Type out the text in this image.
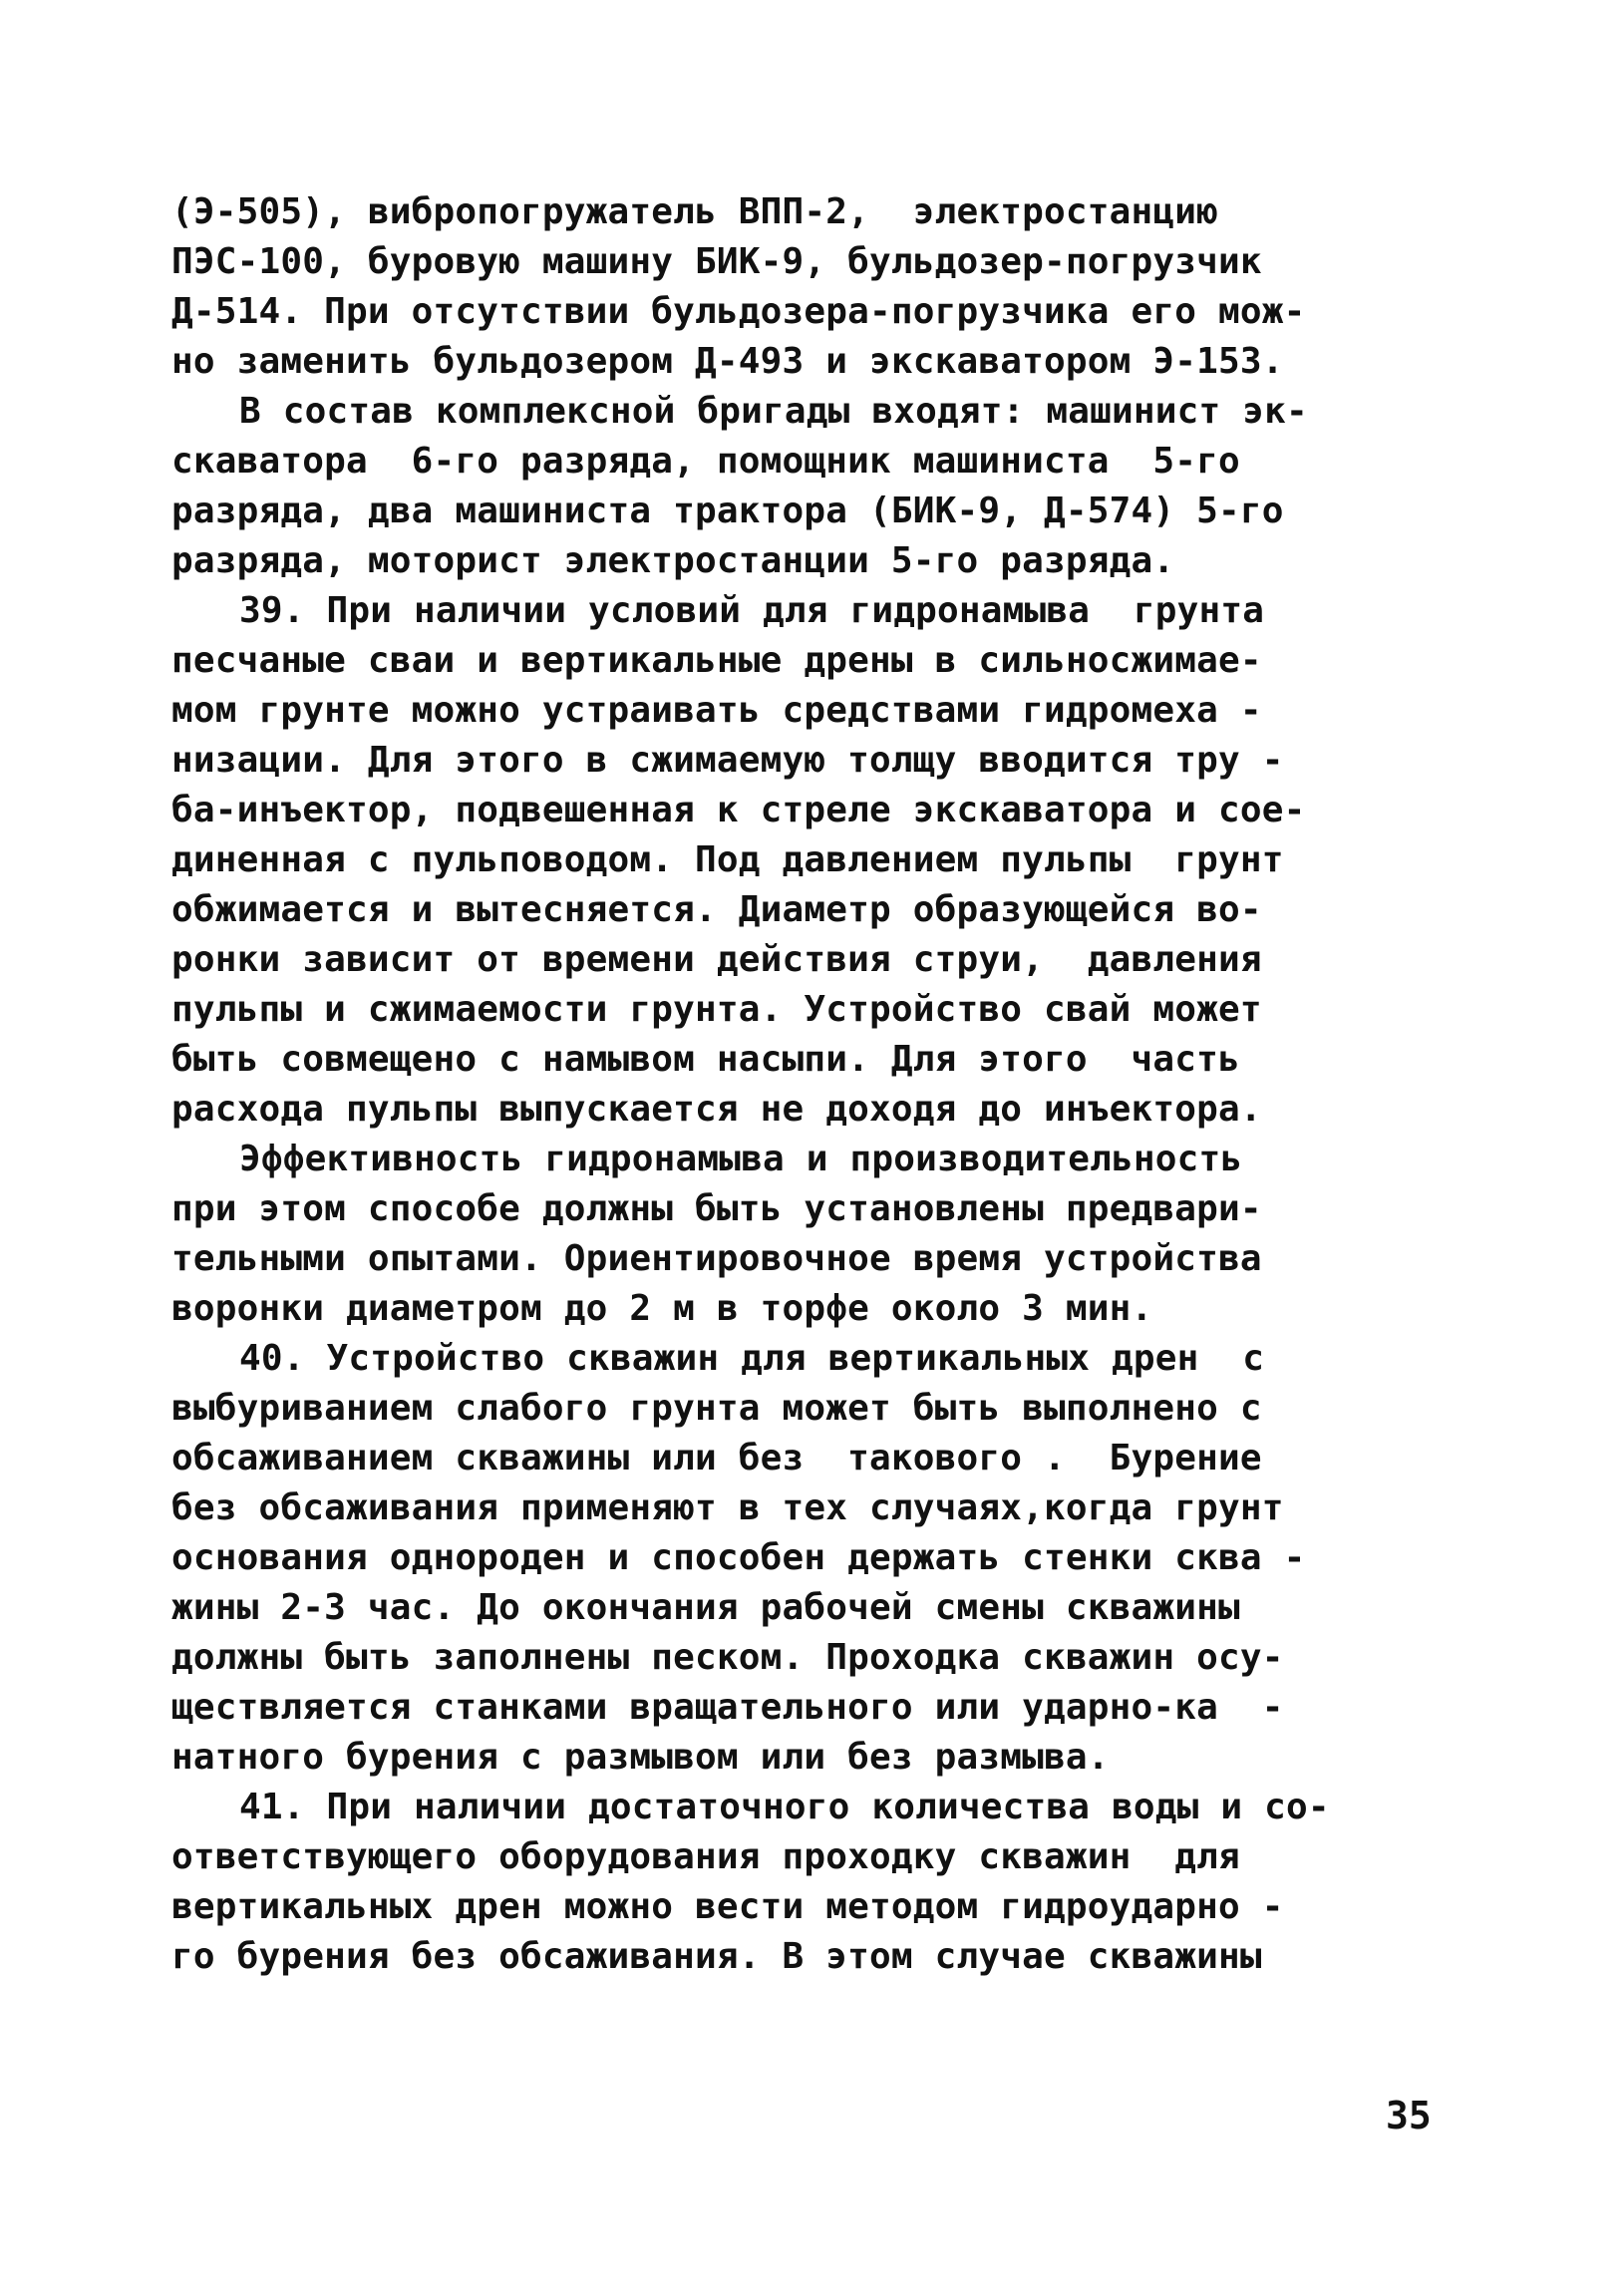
(Э-505), вибропогружатель ВПП-2,  электростанцию
ПЭС-100, буровую машину БИК-9, бульдозер-погрузчик
Д-514. При отсутствии бульдозера-погрузчика его мож-
но заменить бульдозером Д-493 и экскаватором Э-153.
В состав комплексной бригады входят: машинист эк-
скаватора  6-го разряда, помощник машиниста  5-го
разряда, два машиниста трактора (БИК-9, Д-574) 5-го
разряда, моторист электростанции 5-го разряда.
39. При наличии условий для гидронамыва  грунта
песчаные сваи и вертикальные дрены в сильносжимае-
мом грунте можно устраивать средствами гидромеха -
низации. Для этого в сжимаемую толщу вводится тру -
ба-инъектор, подвешенная к стреле экскаватора и сое-
диненная с пульповодом. Под давлением пульпы  грунт
обжимается и вытесняется. Диаметр образующейся во-
ронки зависит от времени действия струи,  давления
пульпы и сжимаемости грунта. Устройство свай может
быть совмещено с намывом насыпи. Для этого  часть
расхода пульпы выпускается не доходя до инъектора.
Эффективность гидронамыва и производительность
при этом способе должны быть установлены предвари-
тельными опытами. Ориентировочное время устройства
воронки диаметром до 2 м в торфе около 3 мин.
40. Устройство скважин для вертикальных дрен  с
выбуриванием слабого грунта может быть выполнено с
обсаживанием скважины или без  такового .  Бурение
без обсаживания применяют в тех случаях,когда грунт
основания однороден и способен держать стенки сква -
жины 2-3 час. До окончания рабочей смены скважины
должны быть заполнены песком. Проходка скважин осу-
ществляется станками вращательного или ударно-ка  -
натного бурения с размывом или без размыва.
41. При наличии достаточного количества воды и со-
ответствующего оборудования проходку скважин  для
вертикальных дрен можно вести методом гидроударно -
го бурения без обсаживания. В этом случае скважины
35
